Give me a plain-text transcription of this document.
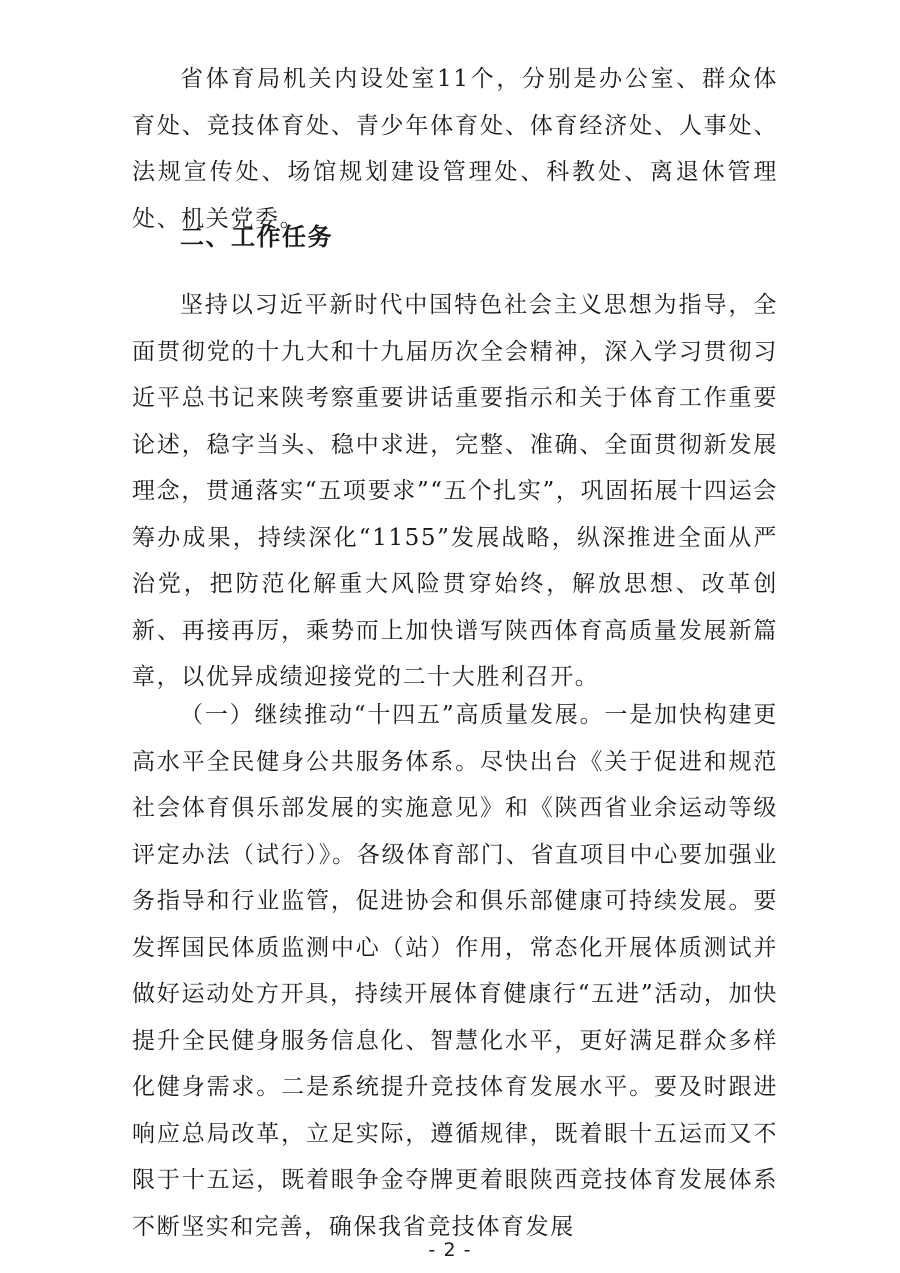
省体育局机关内设处室11个，分别是办公室、群众体育处、竞技体育处、青少年体育处、体育经济处、人事处、法规宣传处、场馆规划建设管理处、科教处、离退休管理处、机关党委。

二、工作任务

坚持以习近平新时代中国特色社会主义思想为指导，全面贯彻党的十九大和十九届历次全会精神，深入学习贯彻习近平总书记来陕考察重要讲话重要指示和关于体育工作重要论述，稳字当头、稳中求进，完整、准确、全面贯彻新发展理念，贯通落实“五项要求”“五个扎实”，巩固拓展十四运会筹办成果，持续深化“1155”发展战略，纵深推进全面从严治党，把防范化解重大风险贯穿始终，解放思想、改革创新、再接再厉，乘势而上加快谱写陕西体育高质量发展新篇章，以优异成绩迎接党的二十大胜利召开。

（一）继续推动“十四五”高质量发展。一是加快构建更高水平全民健身公共服务体系。尽快出台《关于促进和规范社会体育俱乐部发展的实施意见》和《陕西省业余运动等级评定办法（试行）》。各级体育部门、省直项目中心要加强业务指导和行业监管，促进协会和俱乐部健康可持续发展。要发挥国民体质监测中心（站）作用，常态化开展体质测试并做好运动处方开具，持续开展体育健康行“五进”活动，加快提升全民健身服务信息化、智慧化水平，更好满足群众多样化健身需求。二是系统提升竞技体育发展水平。要及时跟进响应总局改革，立足实际，遵循规律，既着眼十五运而又不限于十五运，既着眼争金夺牌更着眼陕西竞技体育发展体系不断坚实和完善，确保我省竞技体育发展

- 2 -
